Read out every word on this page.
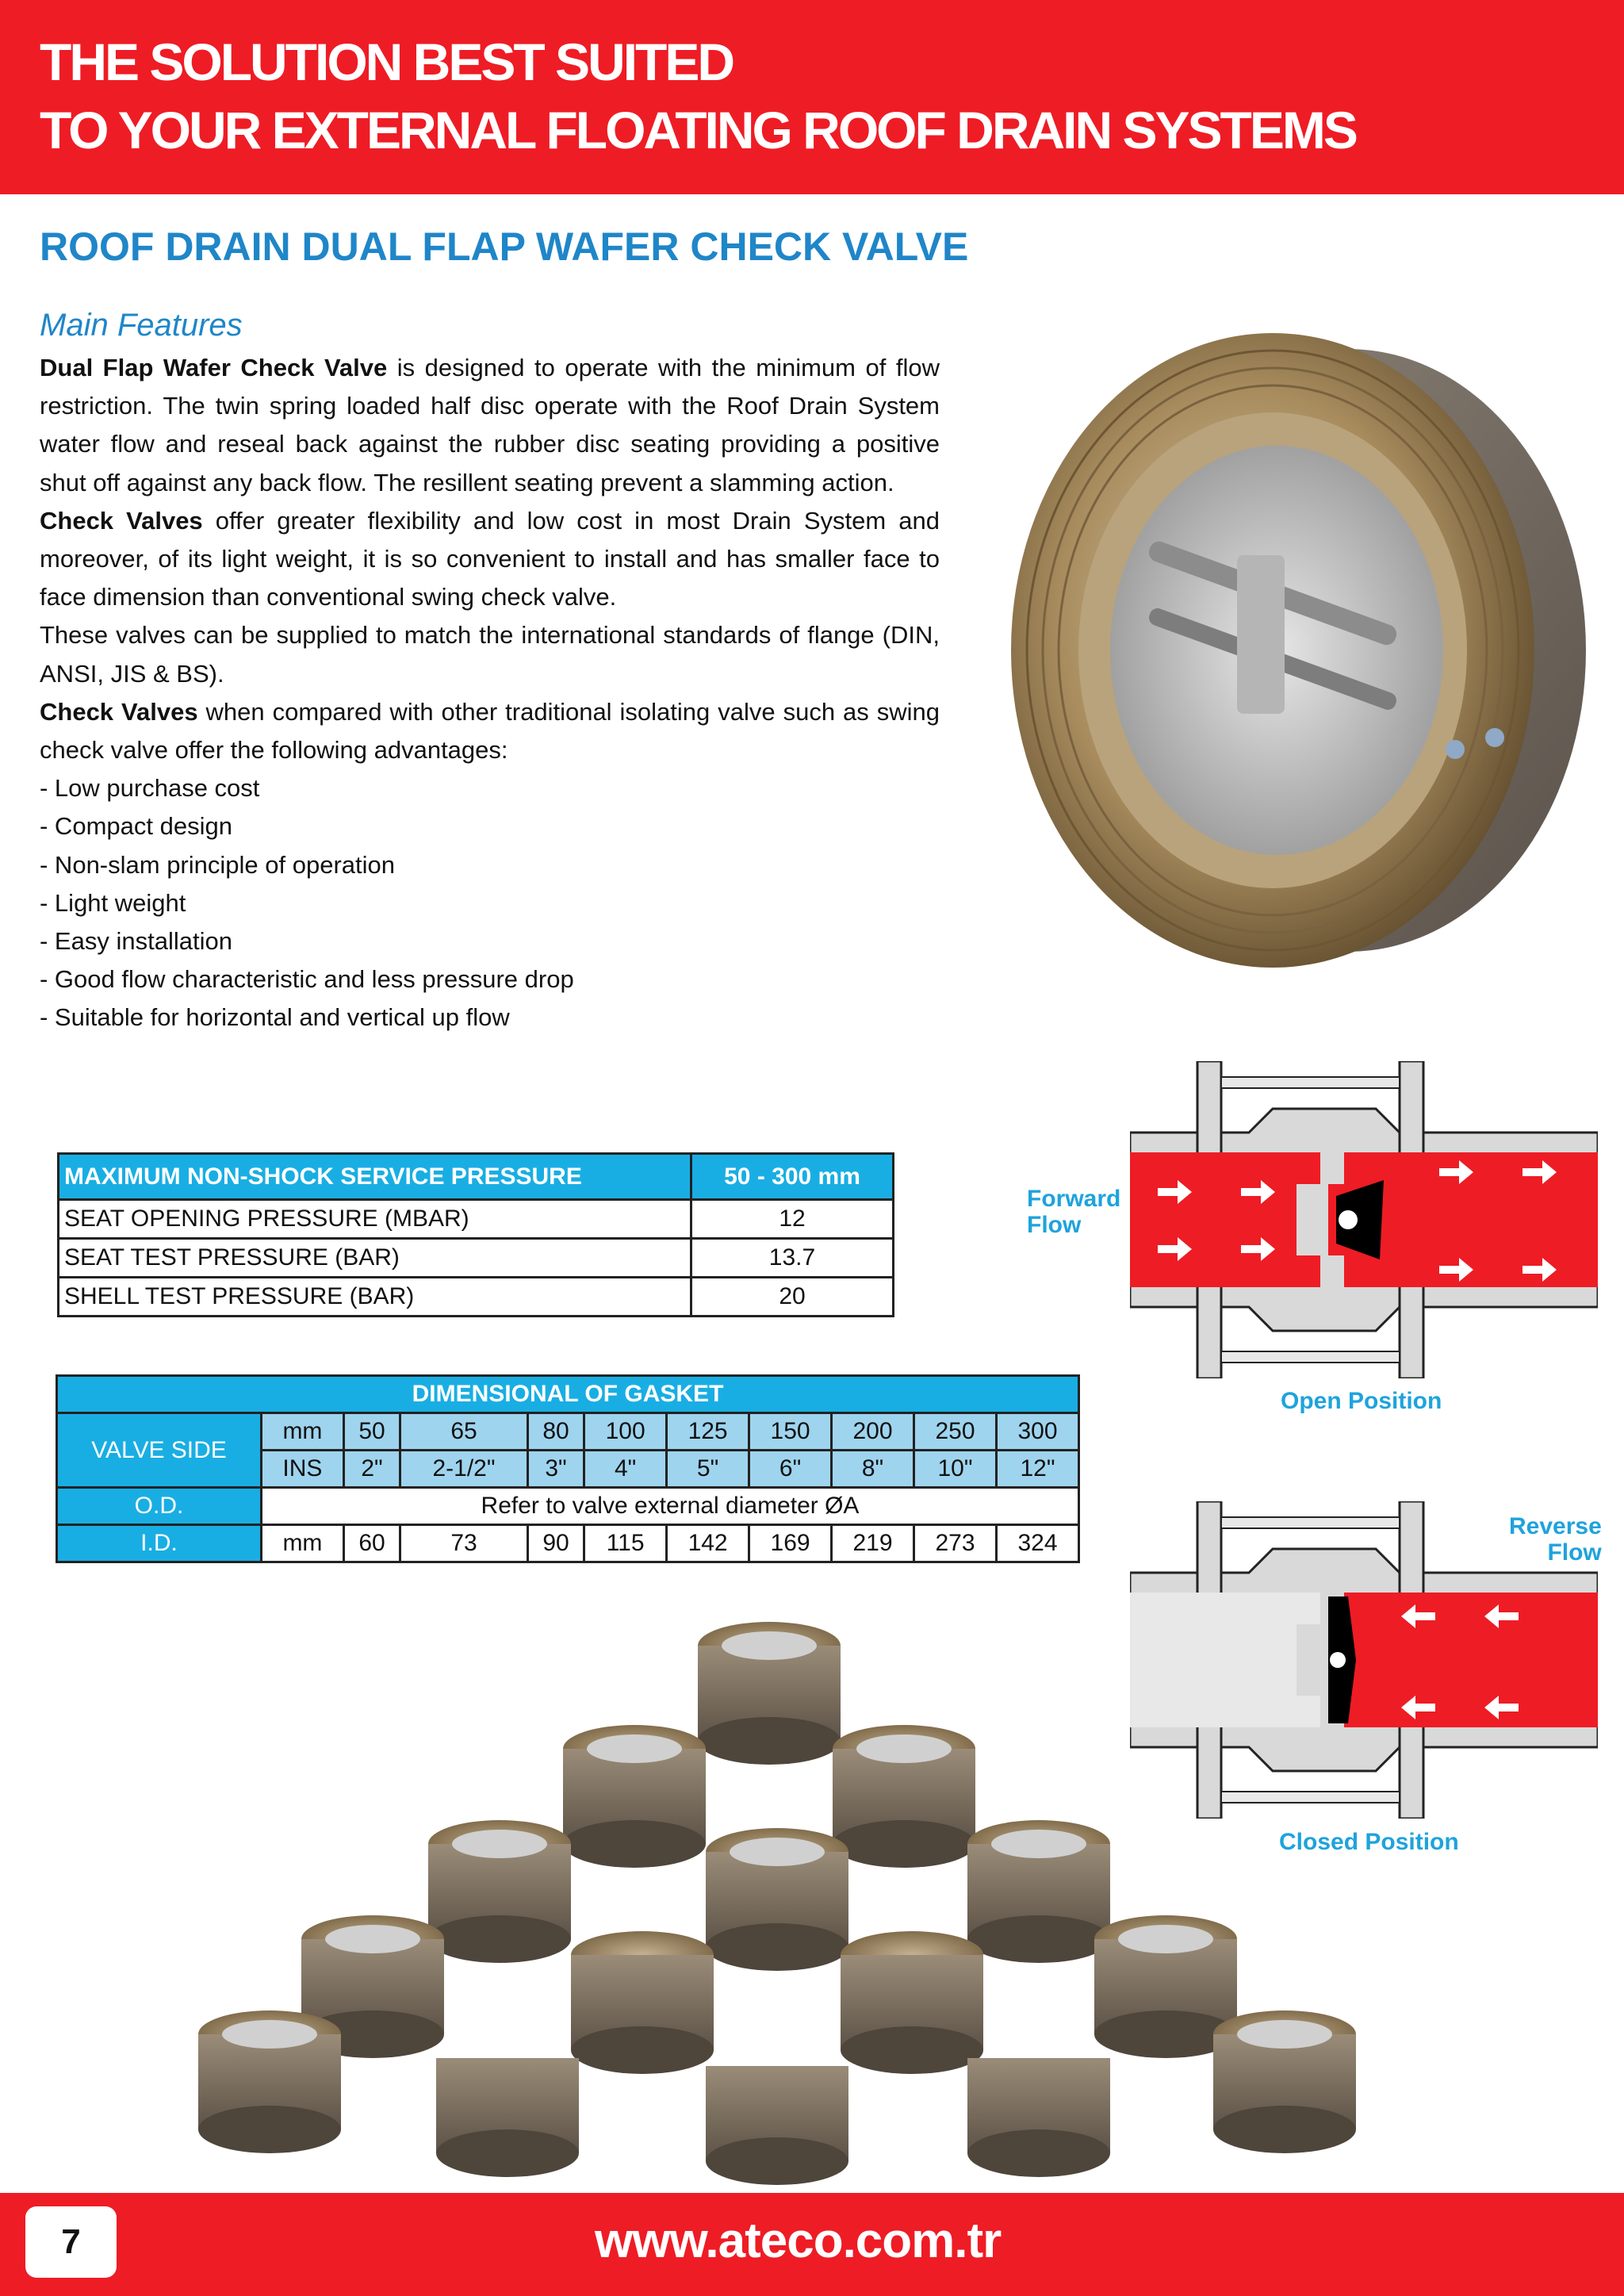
THE SOLUTION BEST SUITED
TO YOUR EXTERNAL FLOATING ROOF DRAIN SYSTEMS
ROOF DRAIN DUAL FLAP WAFER CHECK VALVE
Main Features

Dual Flap Wafer Check Valve is designed to operate with the minimum of flow restriction. The twin spring loaded half disc operate with the Roof Drain System water flow and reseal back against the rubber disc seating providing a positive shut off against any back flow. The resillent seating prevent a slamming action.

Check Valves offer greater flexibility and low cost in most Drain System and moreover, of its light weight, it is so convenient to install and has smaller face to face dimension than conventional swing check valve.

These valves can be supplied to match the international standards of flange (DIN, ANSI, JIS & BS).

Check Valves when compared with other traditional isolating valve such as swing check valve offer the following advantages:

- Low purchase cost
- Compact design
- Non-slam principle of operation
- Light weight
- Easy installation
- Good flow characteristic and less pressure drop
- Suitable for horizontal and vertical up flow
MAXIMUM NON-SHOCK SERVICE PRESSURE	50 - 300 mm
SEAT OPENING PRESSURE (MBAR)	12
SEAT TEST PRESSURE (BAR)	13.7
SHELL TEST PRESSURE (BAR)	20
DIMENSIONAL OF GASKET										
VALVE SIDE	mm	50	65	80	100	125	150	200	250	300
	INS	2"	2-1/2"	3"	4"	5"	6"	8"	10"	12"
O.D.	Refer to valve external diameter ØA									
I.D.	mm	60	73	90	115	142	169	219	273	324
Forward
Flow
Open Position
Reverse
Flow
Closed Position
7	www.ateco.com.tr
